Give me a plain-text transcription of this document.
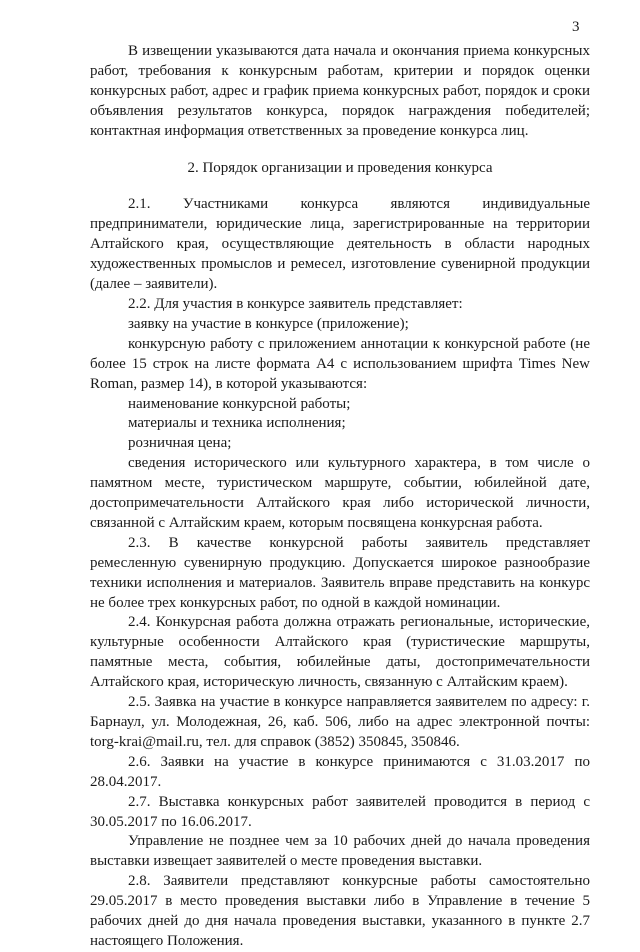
3
В извещении указываются дата начала и окончания приема конкурсных работ, требования к конкурсным работам, критерии и порядок оценки конкурсных работ, адрес и график приема конкурсных работ, порядок и сроки объявления результатов конкурса, порядок награждения победителей; контактная информация ответственных за проведение конкурса лиц.
2. Порядок организации и проведения конкурса
2.1. Участниками конкурса являются индивидуальные предприниматели, юридические лица, зарегистрированные на территории Алтайского края, осуществляющие деятельность в области народных художественных промыслов и ремесел, изготовление сувенирной продукции (далее – заявители).
2.2. Для участия в конкурсе заявитель представляет:
заявку на участие в конкурсе (приложение);
конкурсную работу с приложением аннотации к конкурсной работе (не более 15 строк на листе формата А4 с использованием шрифта Times New Roman, размер 14), в которой указываются:
наименование конкурсной работы;
материалы и техника исполнения;
розничная цена;
сведения исторического или культурного характера, в том числе о памятном месте, туристическом маршруте, событии, юбилейной дате, достопримечательности Алтайского края либо исторической личности, связанной с Алтайским краем, которым посвящена конкурсная работа.
2.3. В качестве конкурсной работы заявитель представляет ремесленную сувенирную продукцию. Допускается широкое разнообразие техники исполнения и материалов. Заявитель вправе представить на конкурс не более трех конкурсных работ, по одной в каждой номинации.
2.4. Конкурсная работа должна отражать региональные, исторические, культурные особенности Алтайского края (туристические маршруты, памятные места, события, юбилейные даты, достопримечательности Алтайского края, историческую личность, связанную с Алтайским краем).
2.5. Заявка на участие в конкурсе направляется заявителем по адресу: г. Барнаул, ул. Молодежная, 26, каб. 506, либо на адрес электронной почты: torg-krai@mail.ru, тел. для справок (3852) 350845, 350846.
2.6. Заявки на участие в конкурсе принимаются с 31.03.2017 по 28.04.2017.
2.7. Выставка конкурсных работ заявителей проводится в период с 30.05.2017 по 16.06.2017.
Управление не позднее чем за 10 рабочих дней до начала проведения выставки извещает заявителей о месте проведения выставки.
2.8. Заявители представляют конкурсные работы самостоятельно 29.05.2017 в место проведения выставки либо в Управление в течение 5 рабочих дней до дня начала проведения выставки, указанного в пункте 2.7 настоящего Положения.
